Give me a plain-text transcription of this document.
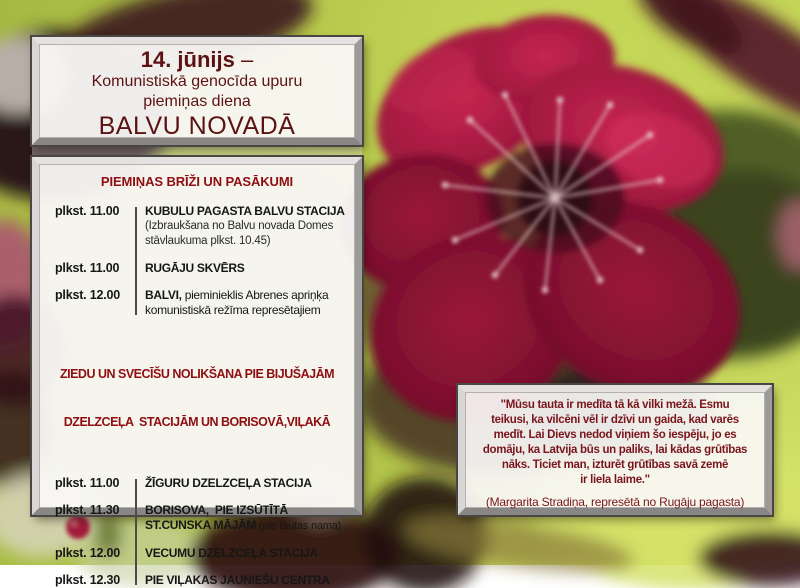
14. jūnijs –
Komunistiskā genocīda upuru
piemiņas diena
BALVU NOVADĀ
PIEMIŅAS BRĪŽI UN PASĀKUMI
plkst. 11.00	KUBULU PAGASTA BALVU STACIJA
(Izbraukšana no Balvu novada Domes
stāvlaukuma plkst. 10.45)
plkst. 11.00	RUGĀJU SKVĒRS
plkst. 12.00	BALVI, pieminieklis Abrenes apriņķa
komunistiskā režīma represētajiem

ZIEDU UN SVECĪŠU NOLIKŠANA PIE BIJUŠAJĀM

DZELZCEĻA  STACIJĀM UN BORISOVĀ,VIĻAKĀ

plkst. 11.00	ŽĪGURU DZELZCEĻA STACIJA
plkst. 11.30	BORISOVA,  PIE IZSŪTĪTĀ
ST.CUNSKA MĀJĀM (pie tautas nama)
plkst. 12.00	VECUMU DZELZCEĻA STACIJA
plkst. 12.30	PIE VIĻAKAS JAUNIEŠU CENTRA

"Mūsu tauta ir medīta tā kā vilki mežā. Esmu

teikusi, ka vilcēni vēl ir dzīvi un gaida, kad varēs

medīt. Lai Dievs nedod viņiem šo iespēju, jo es

domāju, ka Latvija būs un paliks, lai kādas grūtības

nāks. Ticiet man, izturēt grūtības savā zemē

ir liela laime."

(Margarita Stradiņa, represētā no Rugāju pagasta)
